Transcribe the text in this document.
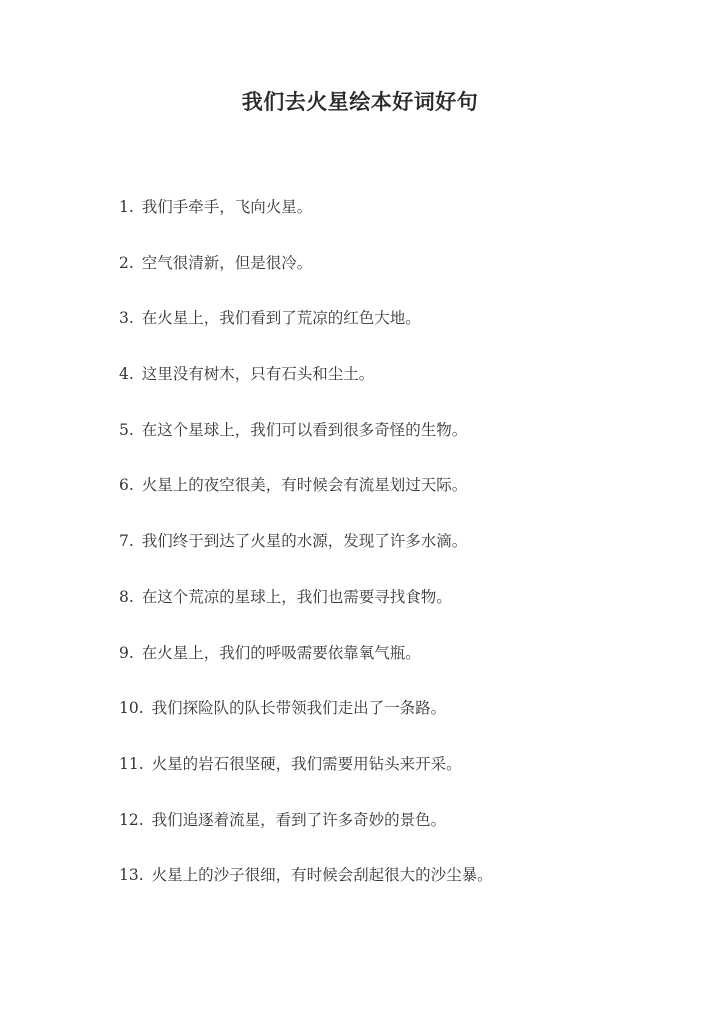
我们去火星绘本好词好句
1. 我们手牵手，飞向火星。
2. 空气很清新，但是很冷。
3. 在火星上，我们看到了荒凉的红色大地。
4. 这里没有树木，只有石头和尘土。
5. 在这个星球上，我们可以看到很多奇怪的生物。
6. 火星上的夜空很美，有时候会有流星划过天际。
7. 我们终于到达了火星的水源，发现了许多水滴。
8. 在这个荒凉的星球上，我们也需要寻找食物。
9. 在火星上，我们的呼吸需要依靠氧气瓶。
10. 我们探险队的队长带领我们走出了一条路。
11. 火星的岩石很坚硬，我们需要用钻头来开采。
12. 我们追逐着流星，看到了许多奇妙的景色。
13. 火星上的沙子很细，有时候会刮起很大的沙尘暴。
